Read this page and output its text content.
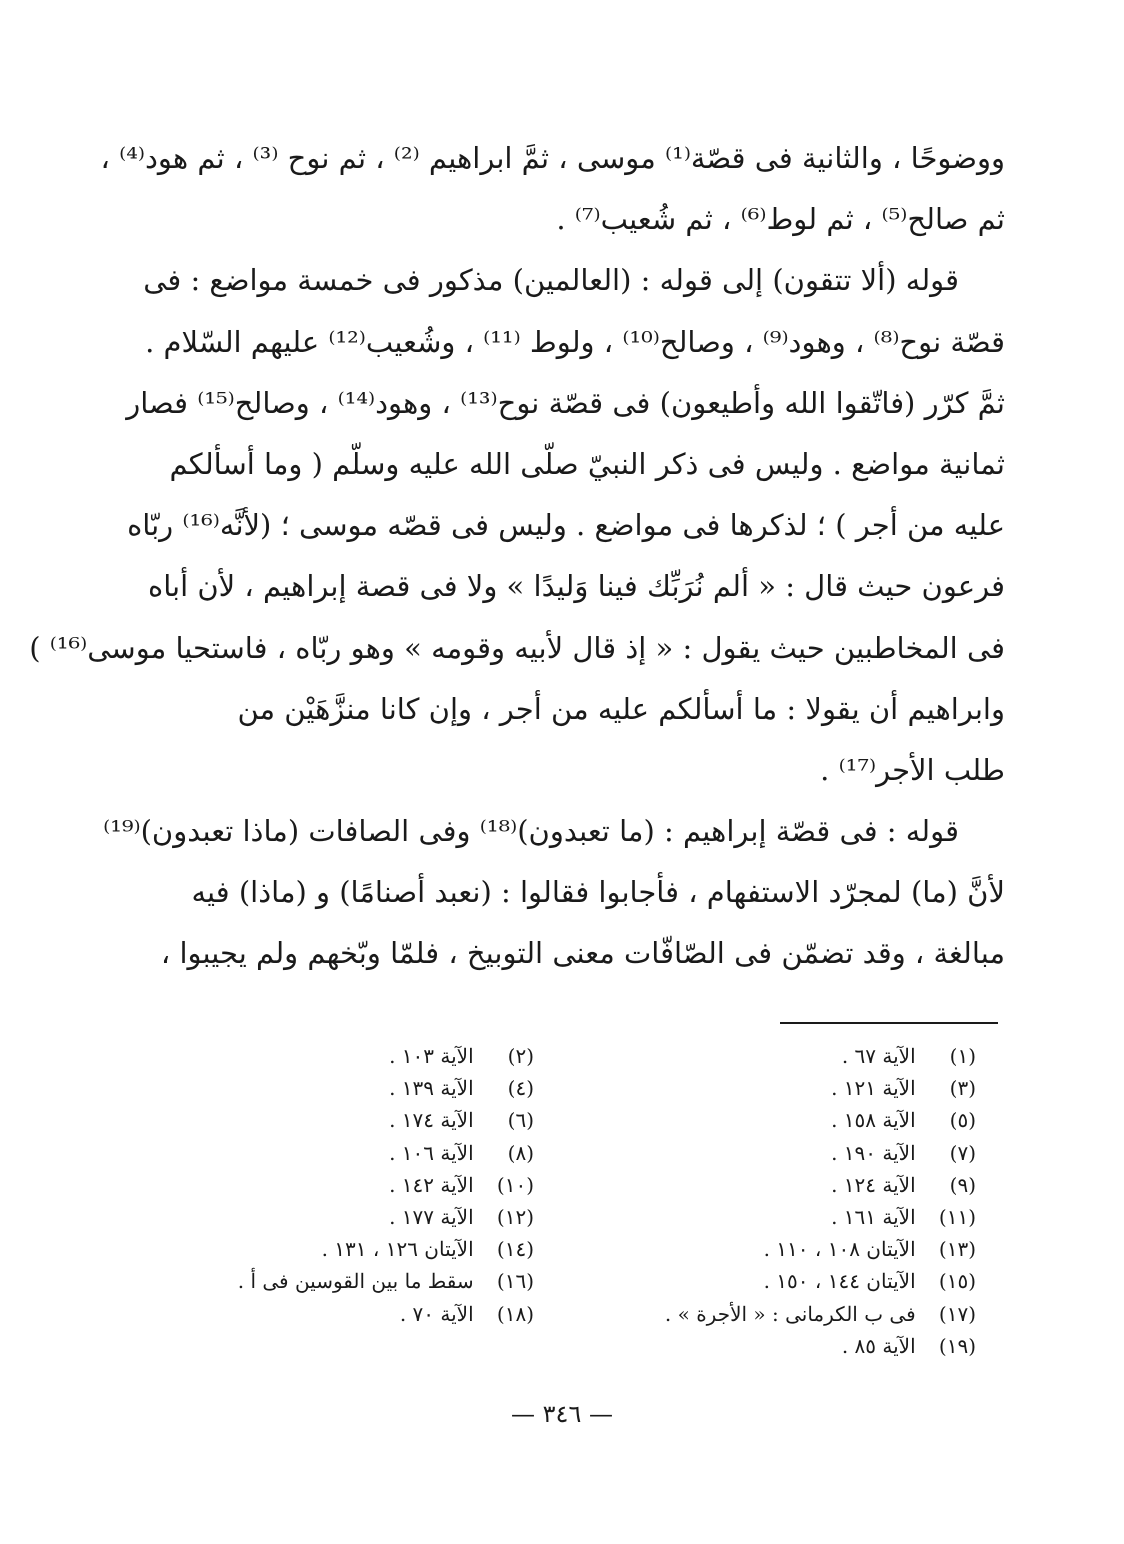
ووضوحًا ، والثانية فى قصّة⁽¹⁾ موسى ، ثمَّ ابراهيم ⁽²⁾ ، ثم نوح ⁽³⁾ ، ثم هود⁽⁴⁾ ،
ثم صالح⁽⁵⁾ ، ثم لوط⁽⁶⁾ ، ثم شُعيب⁽⁷⁾ .
قوله (ألا تتقون) إلى قوله : (العالمين) مذكور فى خمسة مواضع : فى
قصّة نوح⁽⁸⁾ ، وهود⁽⁹⁾ ، وصالح⁽¹⁰⁾ ، ولوط ⁽¹¹⁾ ، وشُعيب⁽¹²⁾ عليهم السّلام .
ثمَّ كرّر (فاتّقوا الله وأطيعون) فى قصّة نوح⁽¹³⁾ ، وهود⁽¹⁴⁾ ، وصالح⁽¹⁵⁾ فصار
ثمانية مواضع . وليس فى ذكر النبيّ صلّى الله عليه وسلّم ( وما أسألكم
عليه من أجر ) ؛ لذكرها فى مواضع . وليس فى قصّه موسى ؛ (لأنَّه⁽¹⁶⁾ ربّاه
فرعون حيث قال : « ألم نُرَبِّك فينا وَليدًا » ولا فى قصة إبراهيم ، لأن أباه
فى المخاطبين حيث يقول : « إذ قال لأبيه وقومه » وهو ربّاه ، فاستحيا موسى⁽¹⁶⁾ )
وابراهيم أن يقولا : ما أسألكم عليه من أجر ، وإن كانا منزَّهَيْن من
طلب الأجر⁽¹⁷⁾ .
قوله : فى قصّة إبراهيم : (ما تعبدون)⁽¹⁸⁾ وفى الصافات (ماذا تعبدون)⁽¹⁹⁾
لأنَّ (ما) لمجرّد الاستفهام ، فأجابوا فقالوا : (نعبد أصنامًا) و (ماذا) فيه
مبالغة ، وقد تضمّن فى الصّافّات معنى التوبيخ ، فلمّا وبّخهم ولم يجيبوا ،
(١) الآية ٦٧ .
(٣) الآية ١٢١ .
(٥) الآية ١٥٨ .
(٧) الآية ١٩٠ .
(٩) الآية ١٢٤ .
(١١) الآية ١٦١ .
(١٣) الآيتان ١٠٨ ، ١١٠ .
(١٥) الآيتان ١٤٤ ، ١٥٠ .
(١٧) فى ب الكرمانى : « الأجرة » .
(١٩) الآية ٨٥ .
(٢) الآية ١٠٣ .
(٤) الآية ١٣٩ .
(٦) الآية ١٧٤ .
(٨) الآية ١٠٦ .
(١٠) الآية ١٤٢ .
(١٢) الآية ١٧٧ .
(١٤) الآيتان ١٢٦ ، ١٣١ .
(١٦) سقط ما بين القوسين فى أ .
(١٨) الآية ٧٠ .
— ٣٤٦ —
